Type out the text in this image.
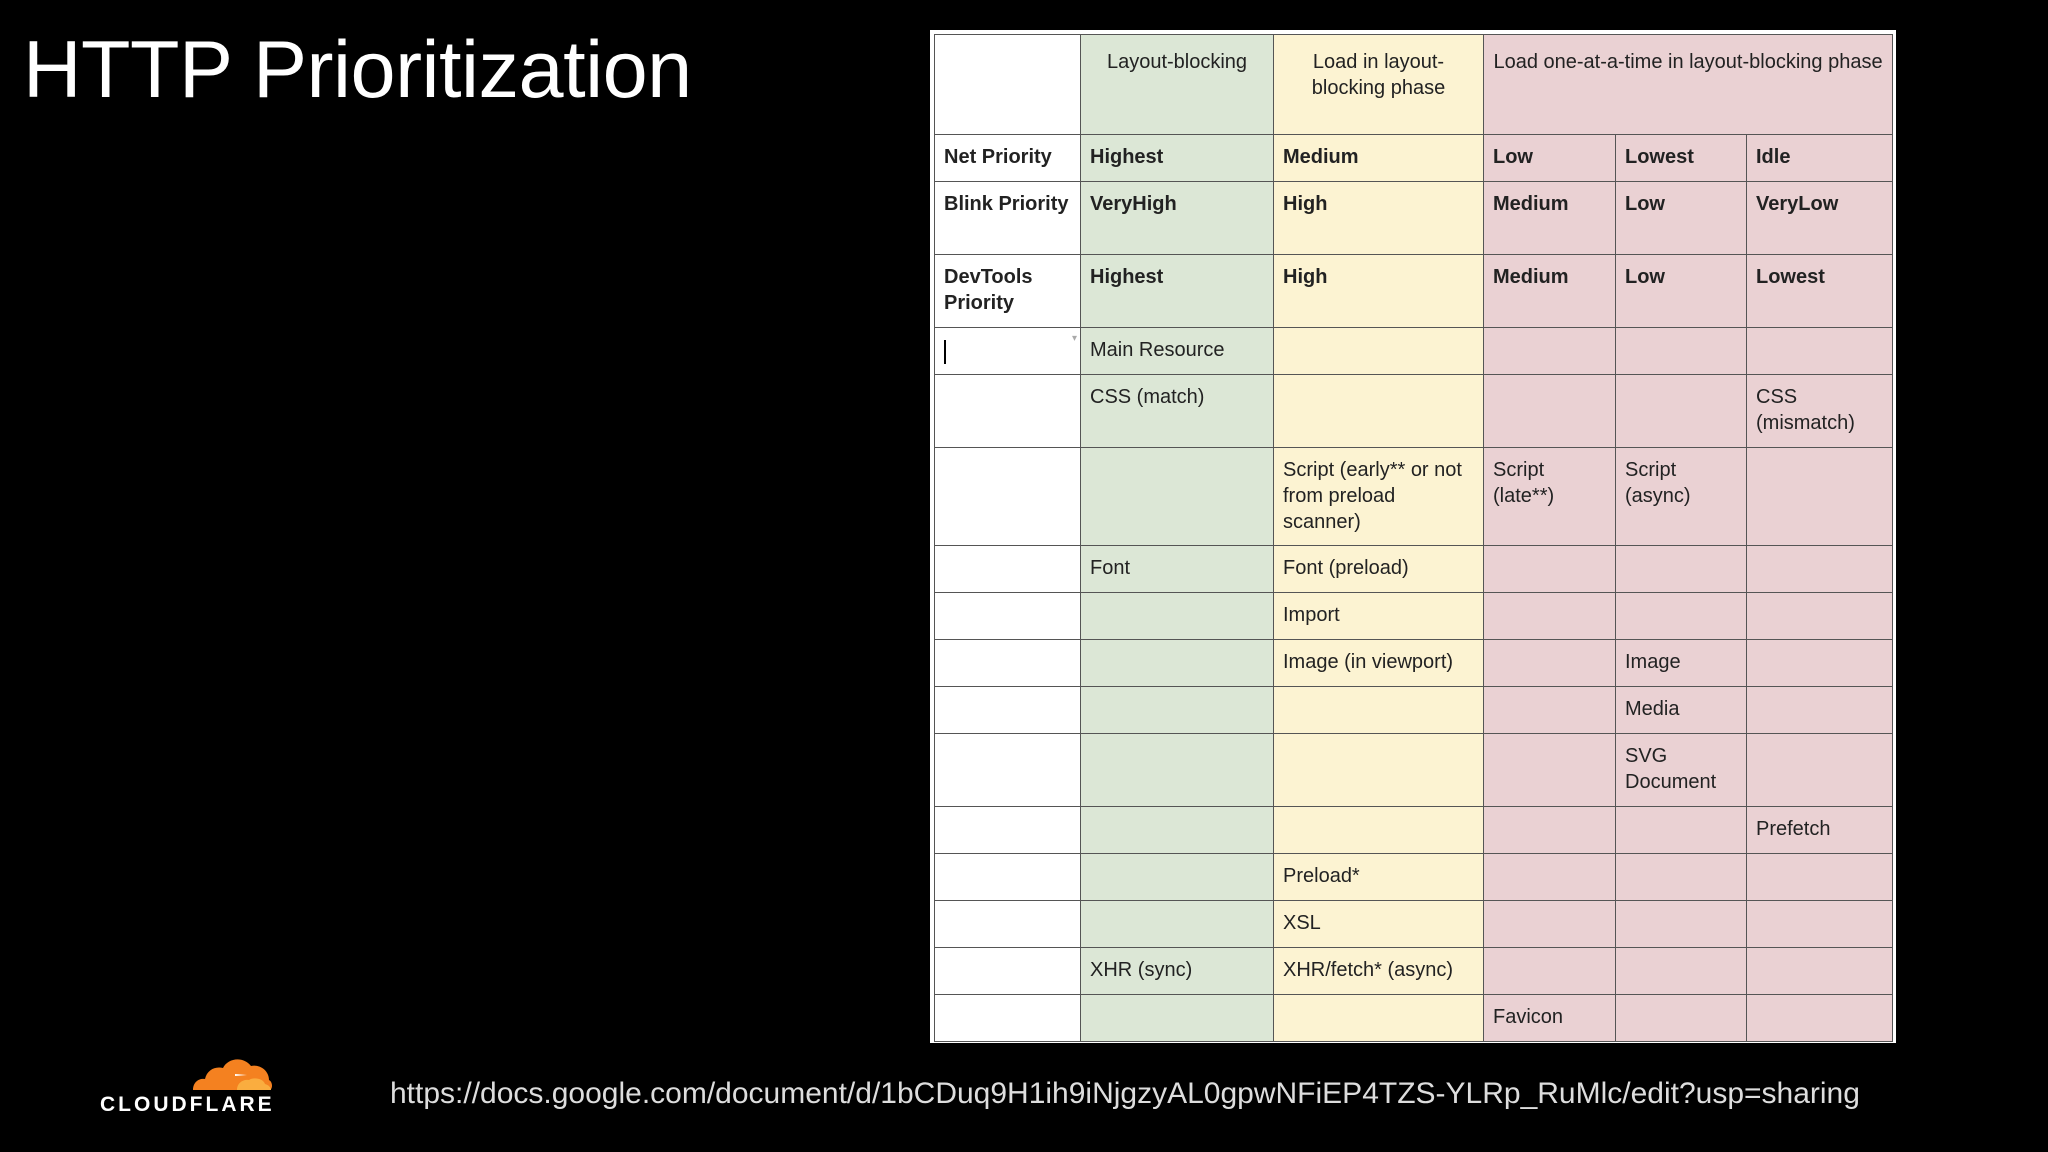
HTTP Prioritization
		Layout-blocking	Load in layout-blocking phase	Load one-at-a-time in layout-blocking phase		
Net Priority	Highest	Medium	Low	Lowest	Idle
Blink Priority	VeryHigh	High	Medium	Low	VeryLow
DevTools Priority	Highest	High	Medium	Low	Lowest

▾	Main Resource				
	CSS (match)				CSS (mismatch)
		Script (early** or not from preload scanner)	Script (late**)	Script (async)	
	Font	Font (preload)			
		Import			
		Image (in viewport)		Image	
				Media	
				SVG Document	
					Prefetch
		Preload*			
		XSL			
	XHR (sync)	XHR/fetch* (async)			
			Favicon		
CLOUDFLARE	https://docs.google.com/document/d/1bCDuq9H1ih9iNjgzyAL0gpwNFiEP4TZS-YLRp_RuMlc/edit?usp=sharing
